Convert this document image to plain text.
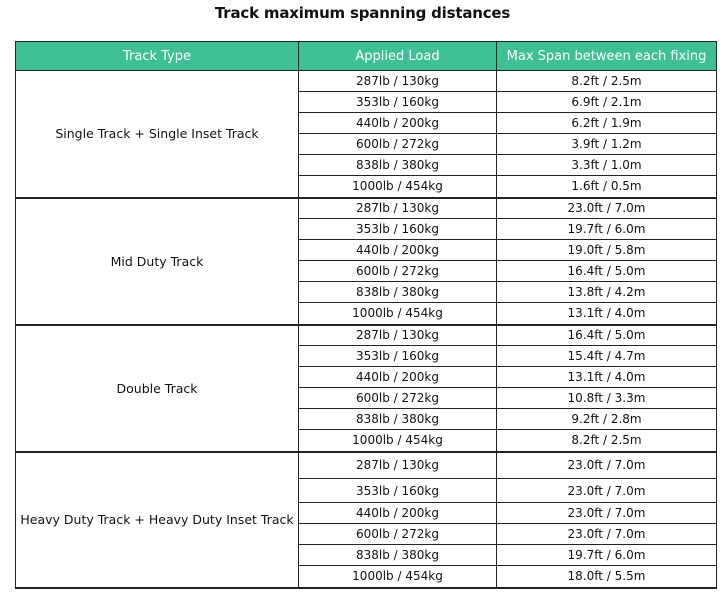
Track maximum spanning distances
Track Type	Applied Load	Max Span between each fixing
Single Track + Single Inset Track	287lb / 130kg	8.2ft / 2.5m
	353lb / 160kg	6.9ft / 2.1m
	440lb / 200kg	6.2ft / 1.9m
	600lb / 272kg	3.9ft / 1.2m
	838lb / 380kg	3.3ft / 1.0m
	1000lb / 454kg	1.6ft / 0.5m
Mid Duty Track	287lb / 130kg	23.0ft / 7.0m
	353lb / 160kg	19.7ft / 6.0m
	440lb / 200kg	19.0ft / 5.8m
	600lb / 272kg	16.4ft / 5.0m
	838lb / 380kg	13.8ft / 4.2m
	1000lb / 454kg	13.1ft / 4.0m
Double Track	287lb / 130kg	16.4ft / 5.0m
	353lb / 160kg	15.4ft / 4.7m
	440lb / 200kg	13.1ft / 4.0m
	600lb / 272kg	10.8ft / 3.3m
	838lb / 380kg	9.2ft / 2.8m
	1000lb / 454kg	8.2ft / 2.5m
Heavy Duty Track + Heavy Duty Inset Track	287lb / 130kg	23.0ft / 7.0m
	353lb / 160kg	23.0ft / 7.0m
	440lb / 200kg	23.0ft / 7.0m
	600lb / 272kg	23.0ft / 7.0m
	838lb / 380kg	19.7ft / 6.0m
	1000lb / 454kg	18.0ft / 5.5m
